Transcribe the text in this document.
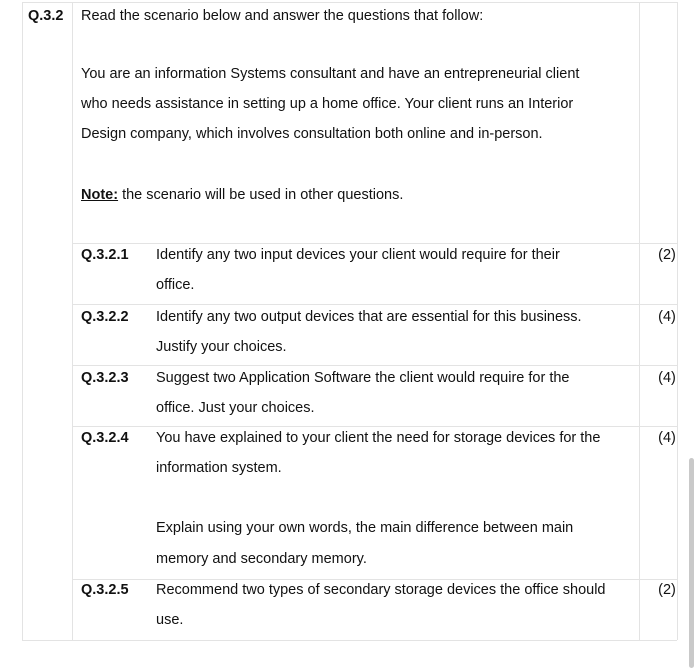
Q.3.2 Read the scenario below and answer the questions that follow:
You are an information Systems consultant and have an entrepreneurial client
who needs assistance in setting up a home office. Your client runs an Interior
Design company, which involves consultation both online and in-person.
Note: the scenario will be used in other questions.
Q.3.2.1 Identify any two input devices your client would require for their
office.
(2)
Q.3.2.2 Identify any two output devices that are essential for this business.
Justify your choices.
(4)
Q.3.2.3 Suggest two Application Software the client would require for the
office. Just your choices.
(4)
Q.3.2.4 You have explained to your client the need for storage devices for the
information system.
Explain using your own words, the main difference between main
memory and secondary memory.
(4)
Q.3.2.5 Recommend two types of secondary storage devices the office should
use.
(2)
